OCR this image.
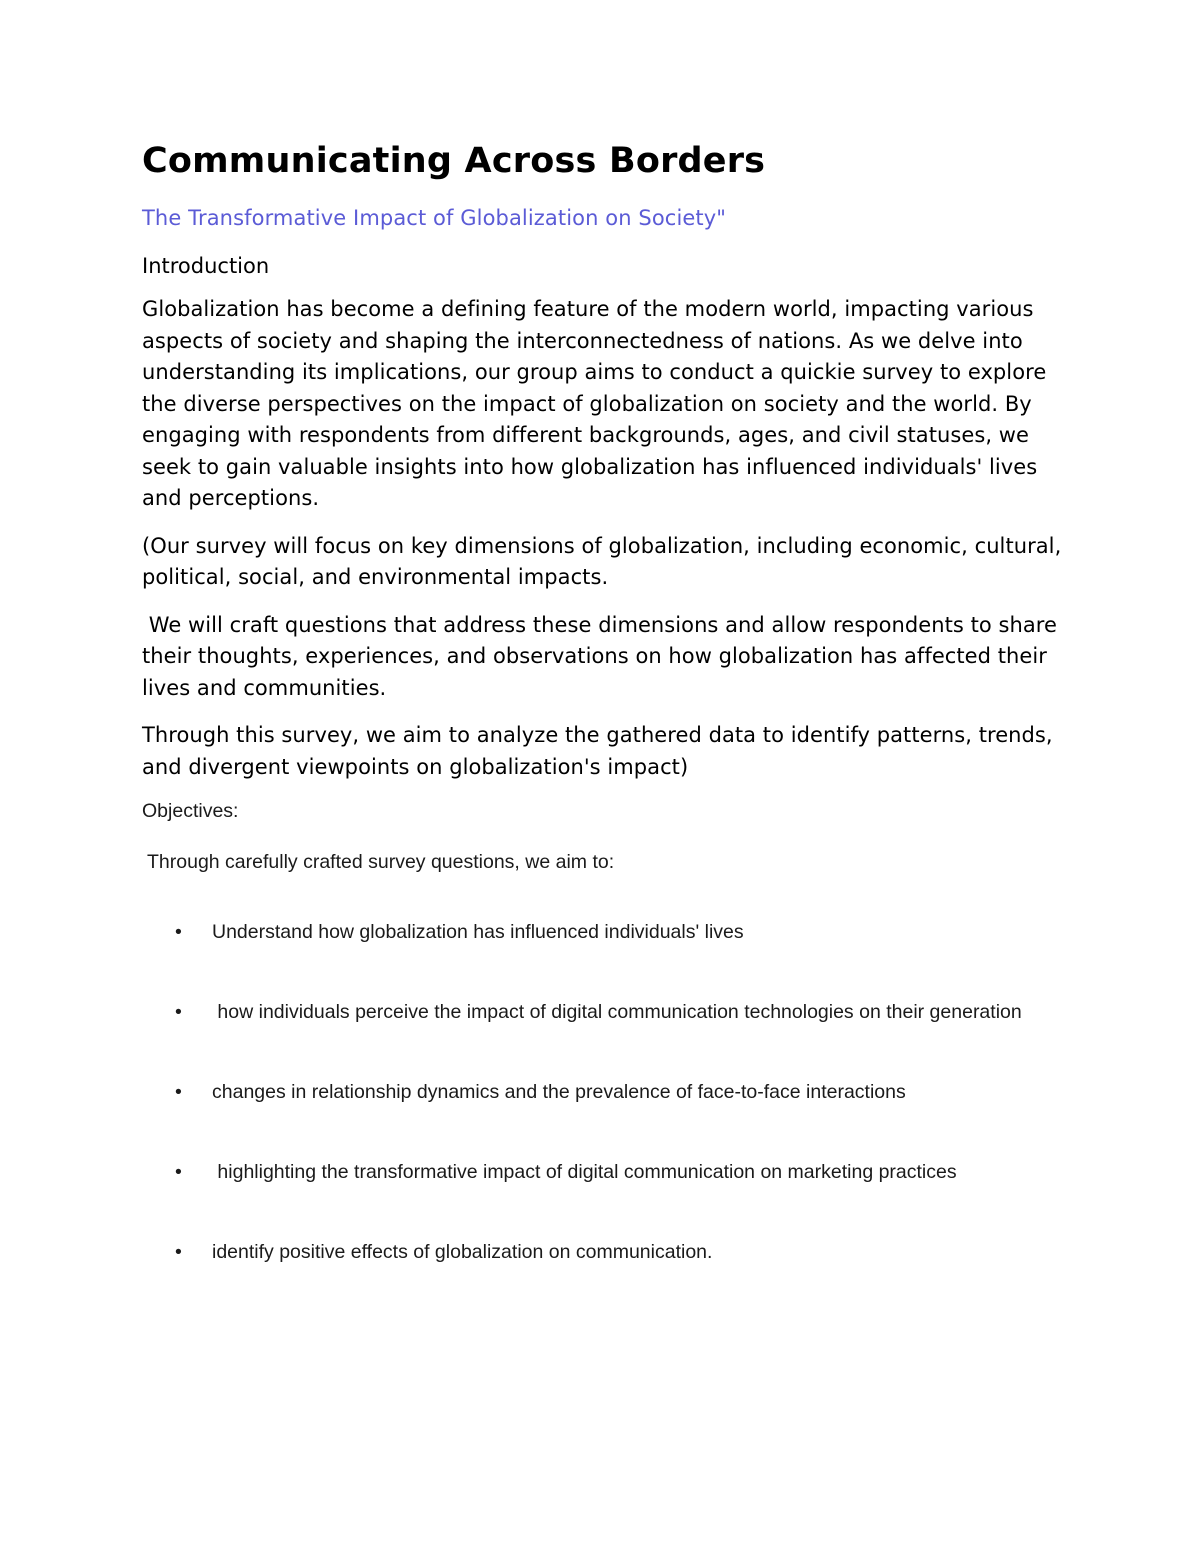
Communicating Across Borders

The Transformative Impact of Globalization on Society"

Introduction

Globalization has become a defining feature of the modern world, impacting various aspects of society and shaping the interconnectedness of nations. As we delve into understanding its implications, our group aims to conduct a quickie survey to explore the diverse perspectives on the impact of globalization on society and the world. By engaging with respondents from different backgrounds, ages, and civil statuses, we seek to gain valuable insights into how globalization has influenced individuals' lives and perceptions.

(Our survey will focus on key dimensions of globalization, including economic, cultural, political, social, and environmental impacts.

We will craft questions that address these dimensions and allow respondents to share their thoughts, experiences, and observations on how globalization has affected their lives and communities.

Through this survey, we aim to analyze the gathered data to identify patterns, trends, and divergent viewpoints on globalization's impact)

Objectives:

Through carefully crafted survey questions, we aim to:

• Understand how globalization has influenced individuals' lives
• how individuals perceive the impact of digital communication technologies on their generation
• changes in relationship dynamics and the prevalence of face-to-face interactions
• highlighting the transformative impact of digital communication on marketing practices
• identify positive effects of globalization on communication.
